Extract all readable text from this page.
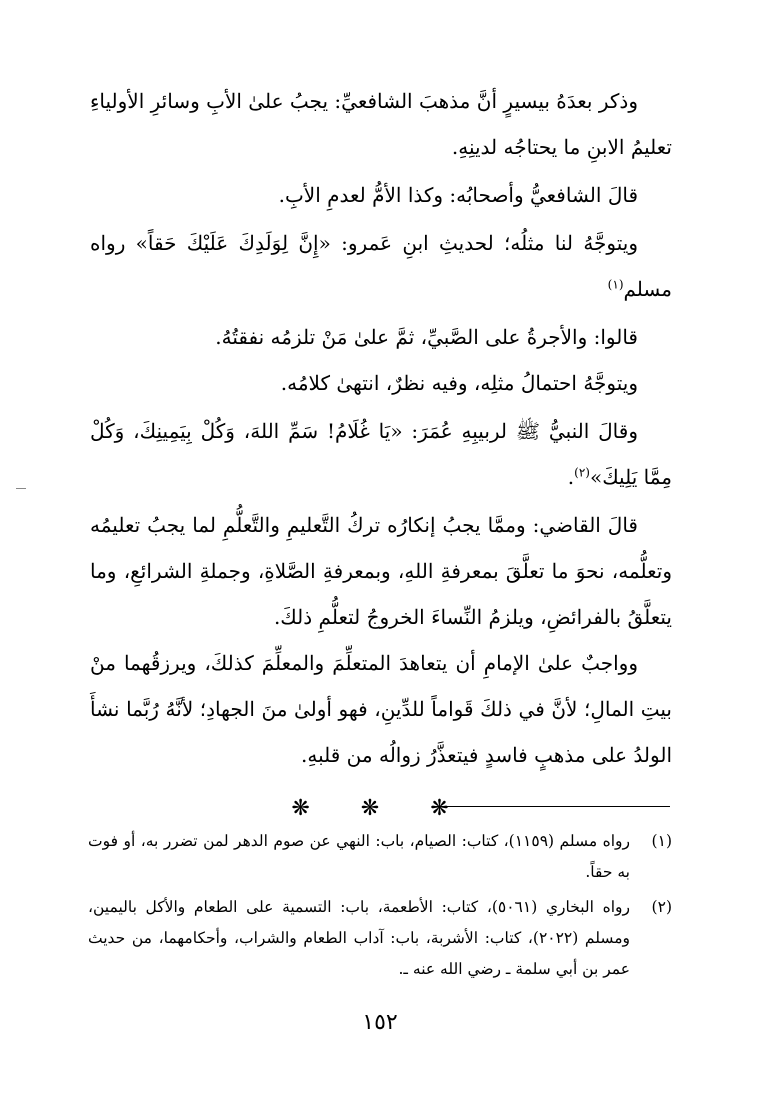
وذكر بعدَهُ بيسيرٍ أنَّ مذهبَ الشافعيِّ: يجبُ علىٰ الأبِ وسائرِ الأولياءِ تعليمُ الابنِ ما يحتاجُه لدينِهِ.

قالَ الشافعيُّ وأصحابُه: وكذا الأمُّ لعدمِ الأبِ.

ويتوجَّهُ لنا مثلُه؛ لحديثِ ابنِ عَمرو: «إِنَّ لِوَلَدِكَ عَلَيْكَ حَقاً» رواه مسلم$^{(١)}$

قالوا: والأجرةُ على الصَّبيِّ، ثمَّ علىٰ مَنْ تلزمُه نفقتُهُ.

ويتوجَّهُ احتمالُ مثلِه، وفيه نظرٌ، انتهىٰ كلامُه.

وقالَ النبيُّ ﷺ لربيبِهِ عُمَرَ: «يَا غُلَامُ! سَمِّ اللهَ، وَكُلْ بِيَمِينِكَ، وَكُلْ مِمَّا يَلِيكَ»$^{(٢)}$.

قالَ القاضي: وممَّا يجبُ إنكارُه تركُ التَّعليمِ والتَّعلُّمِ لما يجبُ تعليمُه وتعلُّمه، نحوَ ما تعلَّقَ بمعرفةِ اللهِ، وبمعرفةِ الصَّلاةِ، وجملةِ الشرائعِ، وما يتعلَّقُ بالفرائضِ، ويلزمُ النِّساءَ الخروجُ لتعلُّمِ ذلكَ.

وواجبٌ علىٰ الإمامِ أن يتعاهدَ المتعلِّمَ والمعلِّمَ كذلكَ، ويرزقُهما منْ بيتِ المالِ؛ لأنَّ في ذلكَ قَواماً للدِّينِ، فهو أولىٰ منَ الجهادِ؛ لأنَّهُ رُبَّما نشأَ الولدُ على مذهبٍ فاسدٍ فيتعذَّرُ زوالُه من قلبهِ.

❋ ❋ ❋

(١)
رواه مسلم (١١٥٩)، كتاب: الصيام، باب: النهي عن صوم الدهر لمن تضرر به، أو فوت به حقاً.
(٢)
رواه البخاري (٥٠٦١)، كتاب: الأطعمة، باب: التسمية على الطعام والأكل باليمين، ومسلم (٢٠٢٢)، كتاب: الأشربة، باب: آداب الطعام والشراب، وأحكامهما، من حديث عمر بن أبي سلمة ـ رضي الله عنه ـ.
١٥٢
